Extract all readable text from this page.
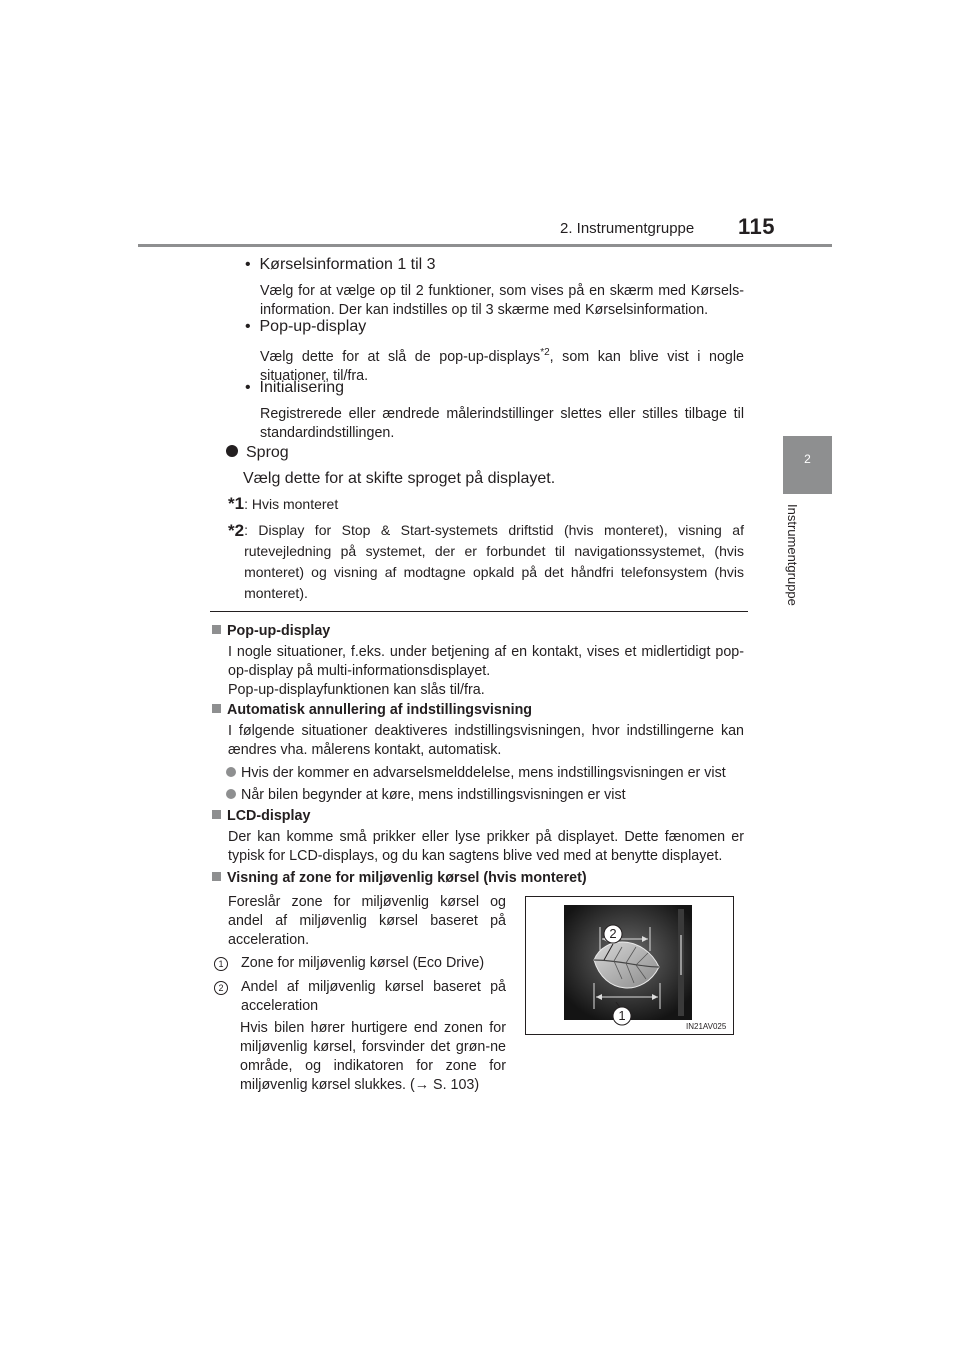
2. Instrumentgruppe 115
2
Instrumentgruppe
•  Kørselsinformation 1 til 3
Vælg for at vælge op til 2 funktioner, som vises på en skærm med Kørsels-information. Der kan indstilles op til 3 skærme med Kørselsinformation.
•  Pop-up-display
Vælg dette for at slå de pop-up-displays$^{*2}$, som kan blive vist i nogle situationer, til/fra.
•  Initialisering
Registrerede eller ændrede målerindstillinger slettes eller stilles tilbage til standardindstillingen.
Sprog
Vælg dette for at skifte sproget på displayet.
*1: Hvis monteret
*2 : Display for Stop & Start-systemets driftstid (hvis monteret), visning af rutevejledning på systemet, der er forbundet til navigationssystemet, (hvis monteret) og visning af modtagne opkald på det håndfri telefonsystem (hvis monteret).
Pop-up-display
I nogle situationer, f.eks. under betjening af en kontakt, vises et midlertidigt pop-op-display på multi-informationsdisplayet.
Pop-up-displayfunktionen kan slås til/fra.
Automatisk annullering af indstillingsvisning
I følgende situationer deaktiveres indstillingsvisningen, hvor indstillingerne kan ændres vha. målerens kontakt, automatisk.
Hvis der kommer en advarselsmelddelelse, mens indstillingsvisningen er vist
Når bilen begynder at køre, mens indstillingsvisningen er vist
LCD-display
Der kan komme små prikker eller lyse prikker på displayet. Dette fænomen er typisk for LCD-displays, og du kan sagtens blive ved med at benytte displayet.
Visning af zone for miljøvenlig kørsel (hvis monteret)
Foreslår zone for miljøvenlig kørsel og andel af miljøvenlig kørsel baseret på acceleration.
1	Zone for miljøvenlig kørsel (Eco Drive)
2	Andel af miljøvenlig kørsel baseret på acceleration
Hvis bilen hører hurtigere end zonen for miljøvenlig kørsel, forsvinder det grøn-ne område, og indikatoren for zone for miljøvenlig kørsel slukkes. (→ S. 103)
2
1
IN21AV025
